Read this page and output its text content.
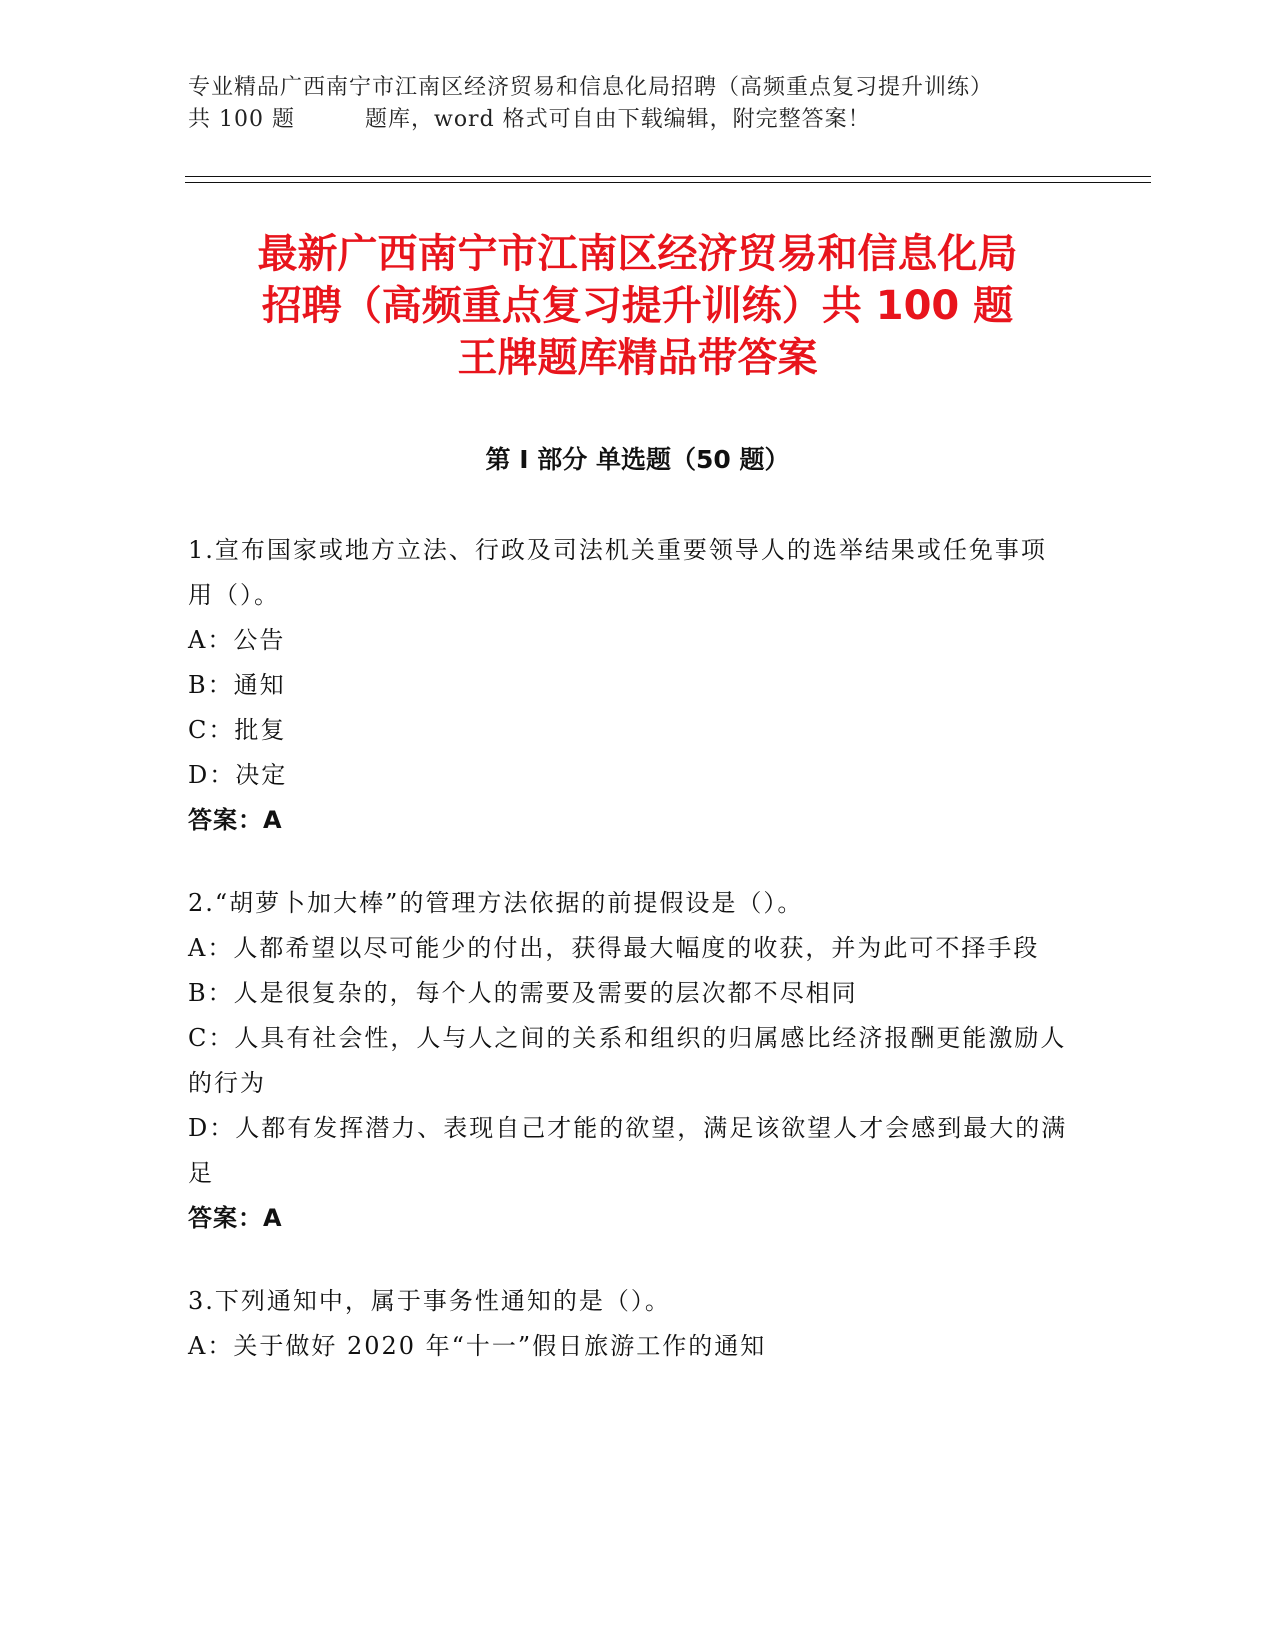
专业精品广西南宁市江南区经济贸易和信息化局招聘（高频重点复习提升训练）
共 100 题	题库，word 格式可自由下载编辑，附完整答案！
最新广西南宁市江南区经济贸易和信息化局
招聘（高频重点复习提升训练）共 100 题
王牌题库精品带答案
第 I 部分 单选题（50 题）
1.宣布国家或地方立法、行政及司法机关重要领导人的选举结果或任免事项用（）。
A：公告
B：通知
C：批复
D：决定
答案：A
2.“胡萝卜加大棒”的管理方法依据的前提假设是（）。
A：人都希望以尽可能少的付出，获得最大幅度的收获，并为此可不择手段
B：人是很复杂的，每个人的需要及需要的层次都不尽相同
C：人具有社会性，人与人之间的关系和组织的归属感比经济报酬更能激励人的行为
D：人都有发挥潜力、表现自己才能的欲望，满足该欲望人才会感到最大的满足
答案：A
3.下列通知中，属于事务性通知的是（）。
A：关于做好 2020 年“十一”假日旅游工作的通知
